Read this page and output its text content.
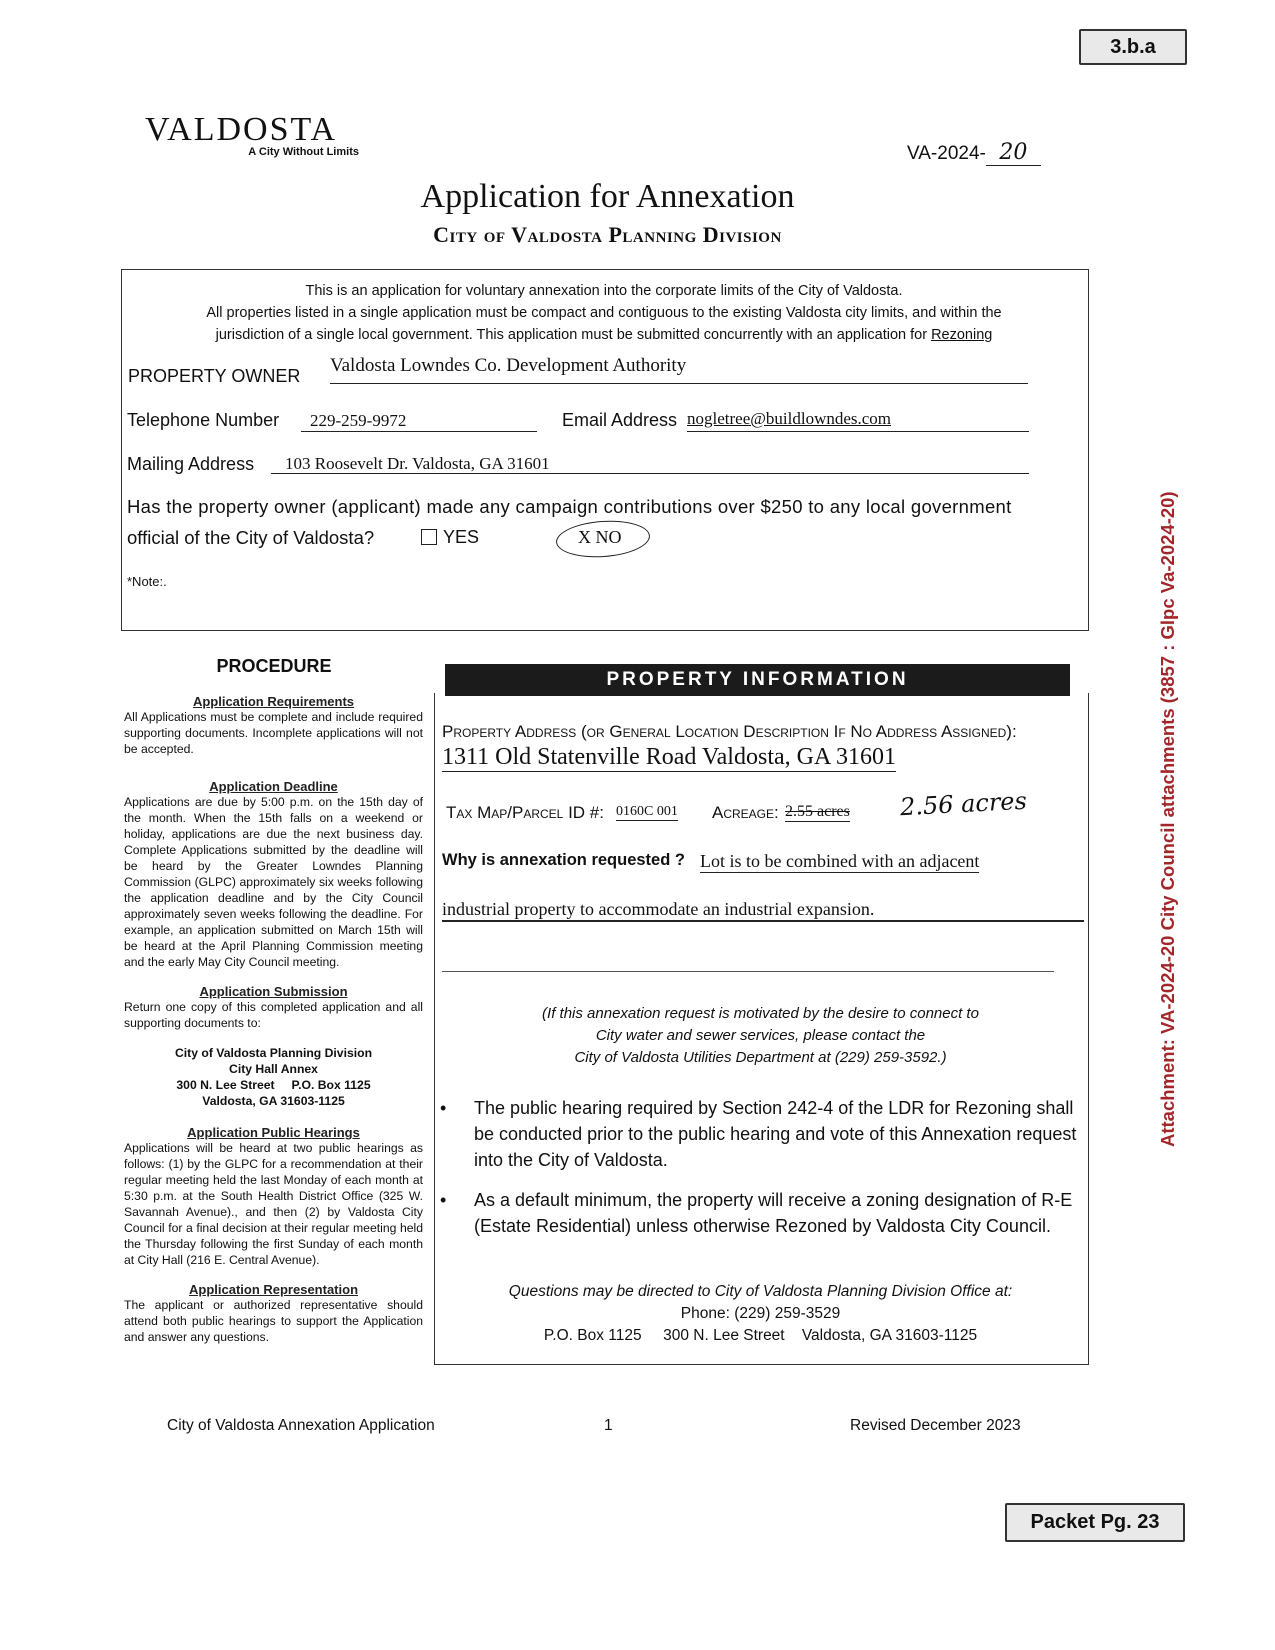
3.b.a
Packet Pg. 23
Attachment: VA-2024-20 City Council attachments (3857 : Glpc Va-2024-20)
VALDOSTA
A City Without Limits	VA-2024- 20
Application for Annexation
City of Valdosta Planning Division
This is an application for voluntary annexation into the corporate limits of the City of Valdosta.
All properties listed in a single application must be compact and contiguous to the existing Valdosta city limits, and within the
jurisdiction of a single local government. This application must be submitted concurrently with an application for Rezoning
PROPERTY OWNER Valdosta Lowndes Co. Development Authority
Telephone Number	229-259-9972	Email Address nogletree@buildlowndes.com
Mailing Address	103 Roosevelt Dr. Valdosta, GA 31601
Has the property owner (applicant) made any campaign contributions over $250 to any local government
official of the City of Valdosta?	YES	X NO
*Note:.
PROCEDURE
Application Requirements
All Applications must be complete and include required supporting documents. Incomplete applications will not be accepted.
Application Deadline
Applications are due by 5:00 p.m. on the 15th day of the month. When the 15th falls on a weekend or holiday, applications are due the next business day. Complete Applications submitted by the deadline will be heard by the Greater Lowndes Planning Commission (GLPC) approximately six weeks following the application deadline and by the City Council approximately seven weeks following the deadline. For example, an application submitted on March 15th will be heard at the April Planning Commission meeting and the early May City Council meeting.
Application Submission
Return one copy of this completed application and all supporting documents to:
City of Valdosta Planning Division
City Hall Annex
300 N. Lee Street     P.O. Box 1125
Valdosta, GA 31603-1125
Application Public Hearings
Applications will be heard at two public hearings as follows: (1) by the GLPC for a recommendation at their regular meeting held the last Monday of each month at 5:30 p.m. at the South Health District Office (325 W. Savannah Avenue)., and then (2) by Valdosta City Council for a final decision at their regular meeting held the Thursday following the first Sunday of each month at City Hall (216 E. Central Avenue).
Application Representation
The applicant or authorized representative should attend both public hearings to support the Application and answer any questions.
PROPERTY INFORMATION
Property Address (or General Location Description If No Address Assigned):
1311 Old Statenville Road Valdosta, GA 31601
Tax Map/Parcel ID #: 0160C 001 Acreage: 2.55 acres 2.56 acres
Why is annexation requested ? Lot is to be combined with an adjacent
industrial property to accommodate an industrial expansion.
(If this annexation request is motivated by the desire to connect to
City water and sewer services, please contact the
City of Valdosta Utilities Department at (229) 259-3592.)
•	The public hearing required by Section 242-4 of the LDR for Rezoning shall be conducted prior to the public hearing and vote of this Annexation request into the City of Valdosta.
•	As a default minimum, the property will receive a zoning designation of R-E (Estate Residential) unless otherwise Rezoned by Valdosta City Council.
Questions may be directed to City of Valdosta Planning Division Office at:
Phone: (229) 259-3529
P.O. Box 1125     300 N. Lee Street    Valdosta, GA 31603-1125
City of Valdosta Annexation Application	1	Revised December 2023
